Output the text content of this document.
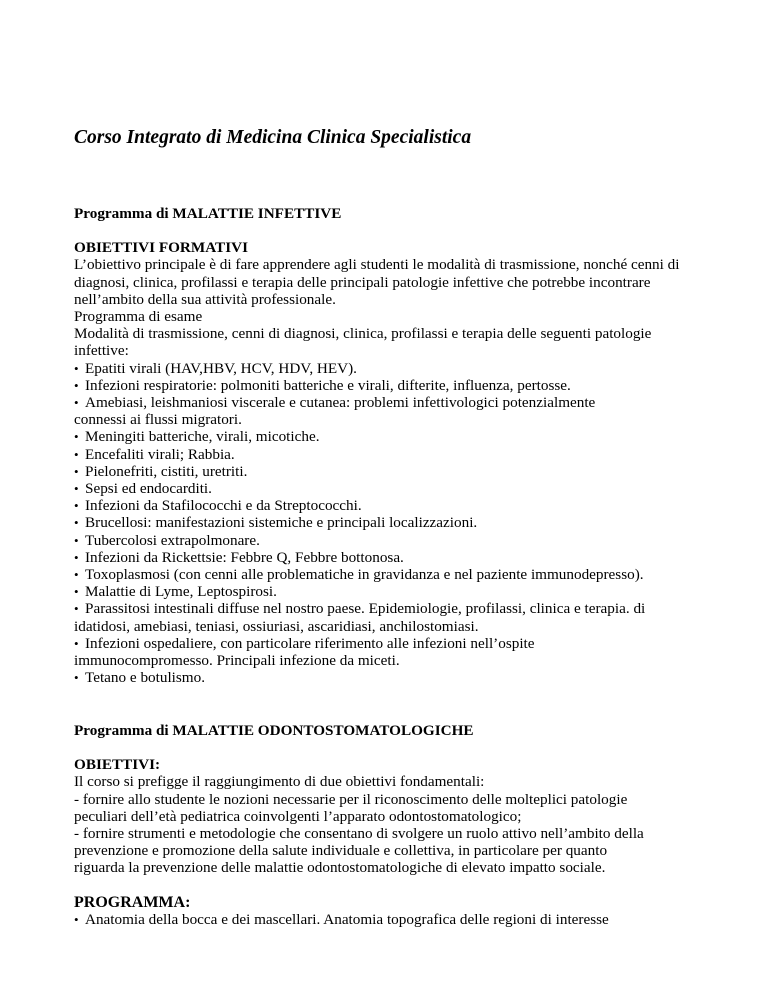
Corso Integrato di Medicina Clinica Specialistica
Programma di MALATTIE INFETTIVE
OBIETTIVI FORMATIVI

L’obiettivo principale è di fare apprendere agli studenti le modalità di trasmissione, nonché cenni di
diagnosi, clinica, profilassi e terapia delle principali patologie infettive che potrebbe incontrare
nell’ambito della sua attività professionale.

Programma di esame

Modalità di trasmissione, cenni di diagnosi, clinica, profilassi e terapia delle seguenti patologie
infettive:

• Epatiti virali (HAV,HBV, HCV, HDV, HEV).
• Infezioni respiratorie: polmoniti batteriche e virali, difterite, influenza, pertosse.
• Amebiasi, leishmaniosi viscerale e cutanea: problemi infettivologici potenzialmente
connessi ai flussi migratori.
• Meningiti batteriche, virali, micotiche.
• Encefaliti virali; Rabbia.
• Pielonefriti, cistiti, uretriti.
• Sepsi ed endocarditi.
• Infezioni da Stafilococchi e da Streptococchi.
• Brucellosi: manifestazioni sistemiche e principali localizzazioni.
• Tubercolosi extrapolmonare.
• Infezioni da Rickettsie: Febbre Q, Febbre bottonosa.
• Toxoplasmosi (con cenni alle problematiche in gravidanza e nel paziente immunodepresso).
• Malattie di Lyme, Leptospirosi.
• Parassitosi intestinali diffuse nel nostro paese. Epidemiologie, profilassi, clinica e terapia. di
idatidosi, amebiasi, teniasi, ossiuriasi, ascaridiasi, anchilostomiasi.
• Infezioni ospedaliere, con particolare riferimento alle infezioni nell’ospite
immunocompromesso. Principali infezione da miceti.
• Tetano e botulismo.
Programma di MALATTIE ODONTOSTOMATOLOGICHE
OBIETTIVI:

Il corso si prefigge il raggiungimento di due obiettivi fondamentali:
- fornire allo studente le nozioni necessarie per il riconoscimento delle molteplici patologie
peculiari dell’età pediatrica coinvolgenti l’apparato odontostomatologico;
- fornire strumenti e metodologie che consentano di svolgere un ruolo attivo nell’ambito della
prevenzione e promozione della salute individuale e collettiva, in particolare per quanto
riguarda la prevenzione delle malattie odontostomatologiche di elevato impatto sociale.

PROGRAMMA:
• Anatomia della bocca e dei mascellari. Anatomia topografica delle regioni di interesse
